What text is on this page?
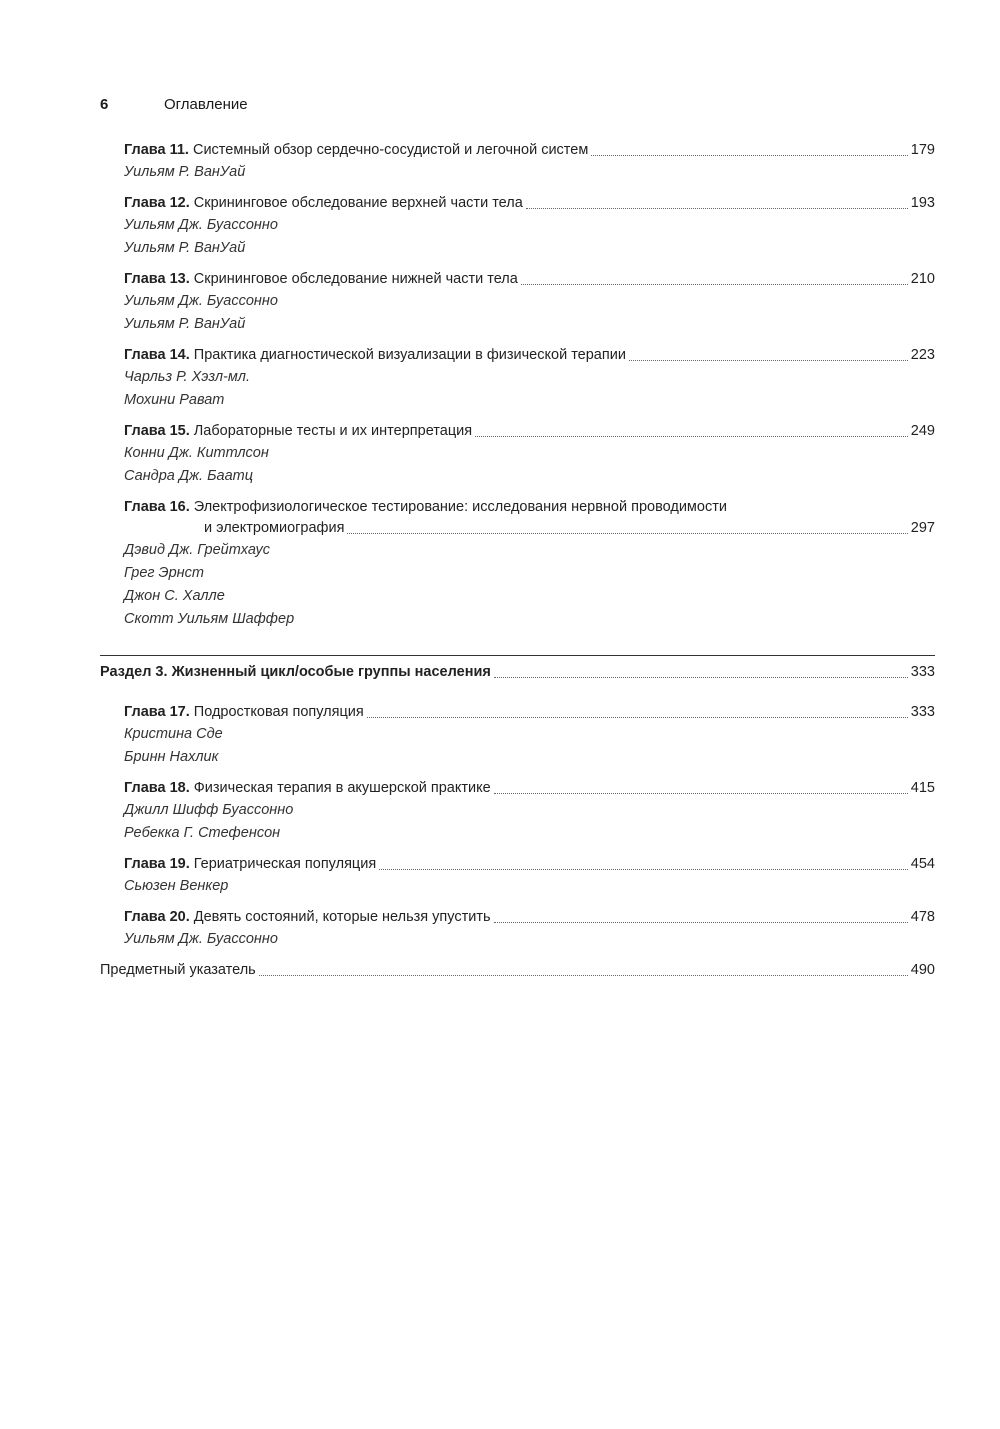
6	Оглавление
Глава 11.
Системный обзор сердечно-сосудистой и легочной систем	179
Уильям Р. ВанУай
Глава 12.
Скрининговое обследование верхней части тела	193
Уильям Дж. Буассонно
Уильям Р. ВанУай
Глава 13.
Скрининговое обследование нижней части тела	210
Уильям Дж. Буассонно
Уильям Р. ВанУай
Глава 14.
Практика диагностической визуализации в физической терапии	223
Чарльз Р. Хэзл-мл.
Мохини Рават
Глава 15.
Лабораторные тесты и их интерпретация	249
Конни Дж. Киттлсон
Сандра Дж. Баатц
Глава 16.
Электрофизиологическое тестирование: исследования нервной проводимости
и электромиография	297
Дэвид Дж. Грейтхаус
Грег Эрнст
Джон С. Халле
Скотт Уильям Шаффер
Раздел 3.
Жизненный цикл/особые группы населения	333
Глава 17.
Подростковая популяция	333
Кристина Сде
Бринн Нахлик
Глава 18.
Физическая терапия в акушерской практике	415
Джилл Шифф Буассонно
Ребекка Г. Стефенсон
Глава 19.
Гериатрическая популяция	454
Сьюзен Венкер
Глава 20.
Девять состояний, которые нельзя упустить	478
Уильям Дж. Буассонно
Предметный указатель	490
